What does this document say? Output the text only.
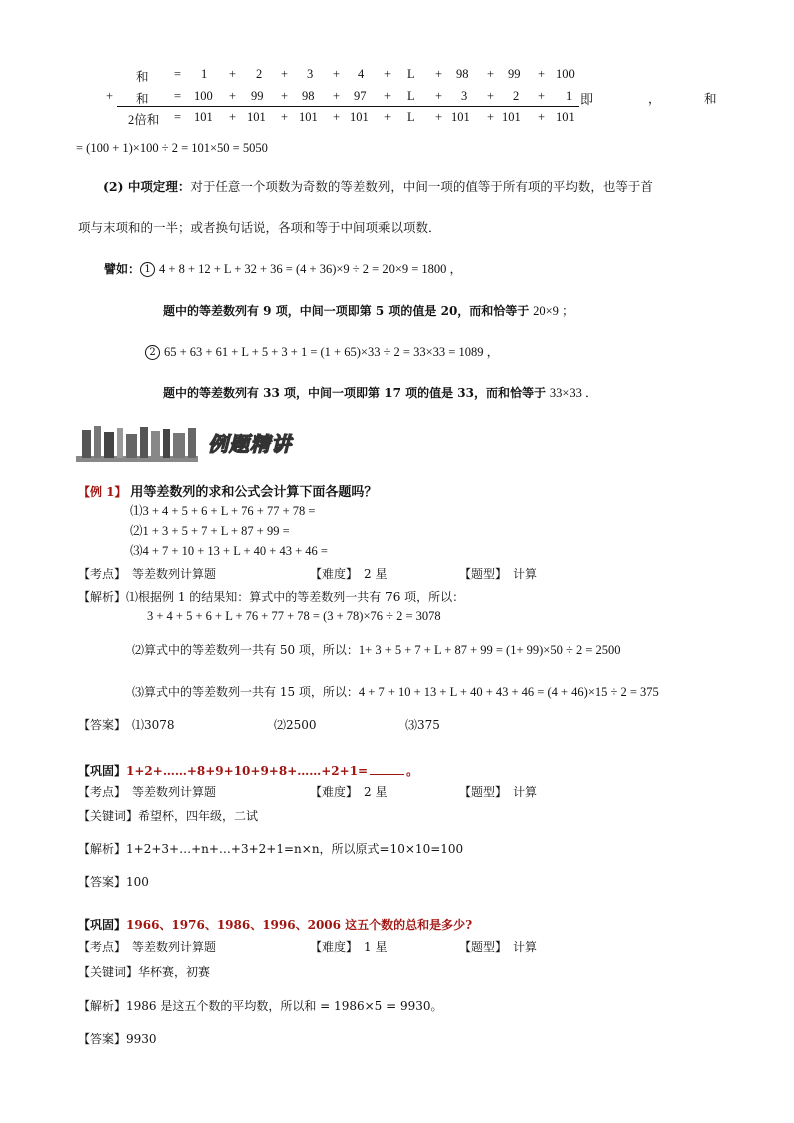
和 = 1 + 2 + 3 + 4 + L + 98 + 99 + 100
+ 和 = 100 + 99 + 98 + 97 + L + 3 + 2 + 1 即	，	和
2倍和 = 101 + 101 + 101 + 101 + L + 101 + 101 + 101
= (100 + 1)×100 ÷ 2 = 101×50 = 5050
(2) 中项定理：对于任意一个项数为奇数的等差数列，中间一项的值等于所有项的平均数，也等于首
项与末项和的一半；或者换句话说，各项和等于中间项乘以项数．
譬如： 1 4 + 8 + 12 + L + 32 + 36 = (4 + 36)×9 ÷ 2 = 20×9 = 1800 ，
题中的等差数列有 9 项，中间一项即第 5 项的值是 20，而和恰等于 20×9 ；
2 65 + 63 + 61 + L + 5 + 3 + 1 = (1 + 65)×33 ÷ 2 = 33×33 = 1089 ，
题中的等差数列有 33 项，中间一项即第 17 项的值是 33，而和恰等于 33×33 ．
例题精讲
【例 1】 用等差数列的求和公式会计算下面各题吗？
⑴3 + 4 + 5 + 6 + L + 76 + 77 + 78 =
⑵1 + 3 + 5 + 7 + L + 87 + 99 =
⑶4 + 7 + 10 + 13 + L + 40 + 43 + 46 =
【考点】 等差数列计算题	【难度】 2 星	【题型】 计算
【解析】⑴根据例 1 的结果知：算式中的等差数列一共有 76 项，所以：
3 + 4 + 5 + 6 + L + 76 + 77 + 78 = (3 + 78)×76 ÷ 2 = 3078
⑵算式中的等差数列一共有 50 项，所以：1+ 3 + 5 + 7 + L + 87 + 99 = (1+ 99)×50 ÷ 2 = 2500
⑶算式中的等差数列一共有 15 项，所以：4 + 7 + 10 + 13 + L + 40 + 43 + 46 = (4 + 46)×15 ÷ 2 = 375
【答案】 ⑴3078	⑵2500	⑶375
【巩固】1+2+……+8+9+10+9+8+……+2+1=	。
【考点】 等差数列计算题	【难度】 2 星	【题型】 计算
【关键词】希望杯，四年级，二试
【解析】1+2+3+…+n+…+3+2+1=n×n，所以原式=10×10=100
【答案】100
【巩固】1966、1976、1986、1996、2006 这五个数的总和是多少?
【考点】 等差数列计算题	【难度】 1 星	【题型】 计算
【关键词】华杯赛，初赛
【解析】1986 是这五个数的平均数，所以和 = 1986×5 = 9930。
【答案】9930
